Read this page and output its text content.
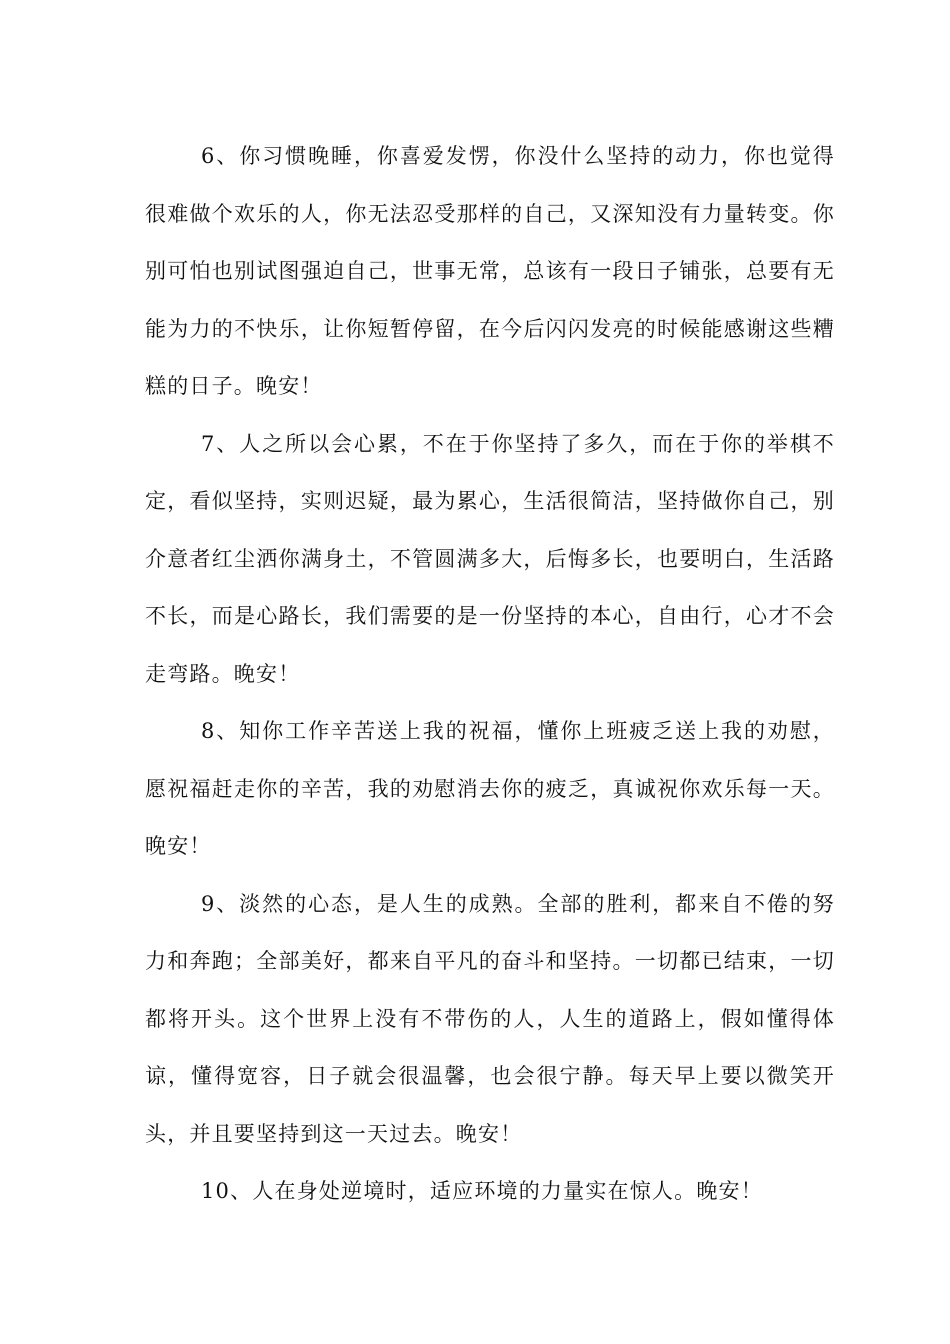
6、你习惯晚睡，你喜爱发愣，你没什么坚持的动力，你也觉得很难做个欢乐的人，你无法忍受那样的自己，又深知没有力量转变。你别可怕也别试图强迫自己，世事无常，总该有一段日子铺张，总要有无能为力的不快乐，让你短暂停留，在今后闪闪发亮的时候能感谢这些糟糕的日子。晚安！

7、人之所以会心累，不在于你坚持了多久，而在于你的举棋不定，看似坚持，实则迟疑，最为累心，生活很简洁，坚持做你自己，别介意者红尘洒你满身土，不管圆满多大，后悔多长，也要明白，生活路不长，而是心路长，我们需要的是一份坚持的本心，自由行，心才不会走弯路。晚安！

8、知你工作辛苦送上我的祝福，懂你上班疲乏送上我的劝慰，愿祝福赶走你的辛苦，我的劝慰消去你的疲乏，真诚祝你欢乐每一天。晚安！

9、淡然的心态，是人生的成熟。全部的胜利，都来自不倦的努力和奔跑；全部美好，都来自平凡的奋斗和坚持。一切都已结束，一切都将开头。这个世界上没有不带伤的人，人生的道路上，假如懂得体谅，懂得宽容，日子就会很温馨，也会很宁静。每天早上要以微笑开头，并且要坚持到这一天过去。晚安！

10、人在身处逆境时，适应环境的力量实在惊人。晚安！
